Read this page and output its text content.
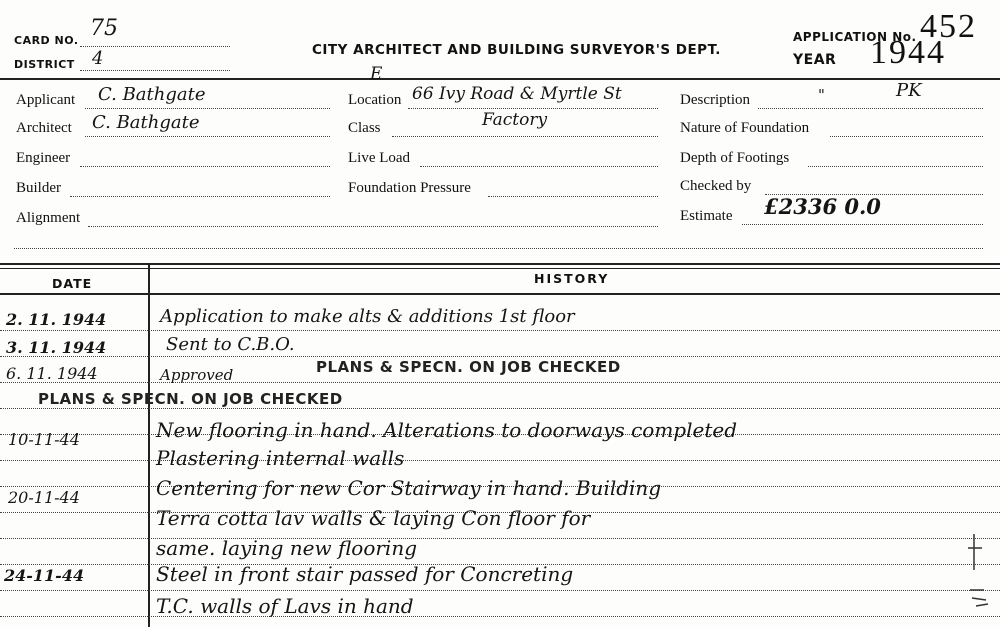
CARD NO. 75
DISTRICT 4	CITY ARCHITECT AND BUILDING SURVEYOR'S DEPT.
APPLICATION No. 452
YEAR 1944
Applicant C. Bathgate
Architect C. Bathgate
Engineer
Builder
Alignment
E
Location 66 Ivy Road & Myrtle St
Class	Factory
Live Load
Foundation Pressure
Description	"	PK
Nature of Foundation
Depth of Footings
Checked by
Estimate £2336 0.0
DATE	HISTORY
2. 11. 1944	Application to make alts & additions 1st floor
3. 11. 1944	Sent to C.B.O.
6. 11. 1944	Approved	PLANS & SPECN. ON JOB CHECKED
PLANS & SPECN. ON JOB CHECKED
10-11-44	New flooring in hand. Alterations to doorways completed
Plastering internal walls
20-11-44	Centering for new Cor Stairway in hand. Building
Terra cotta lav walls & laying Con floor for
same. laying new flooring
24-11-44	Steel in front stair passed for Concreting
T.C. walls of Lavs in hand
